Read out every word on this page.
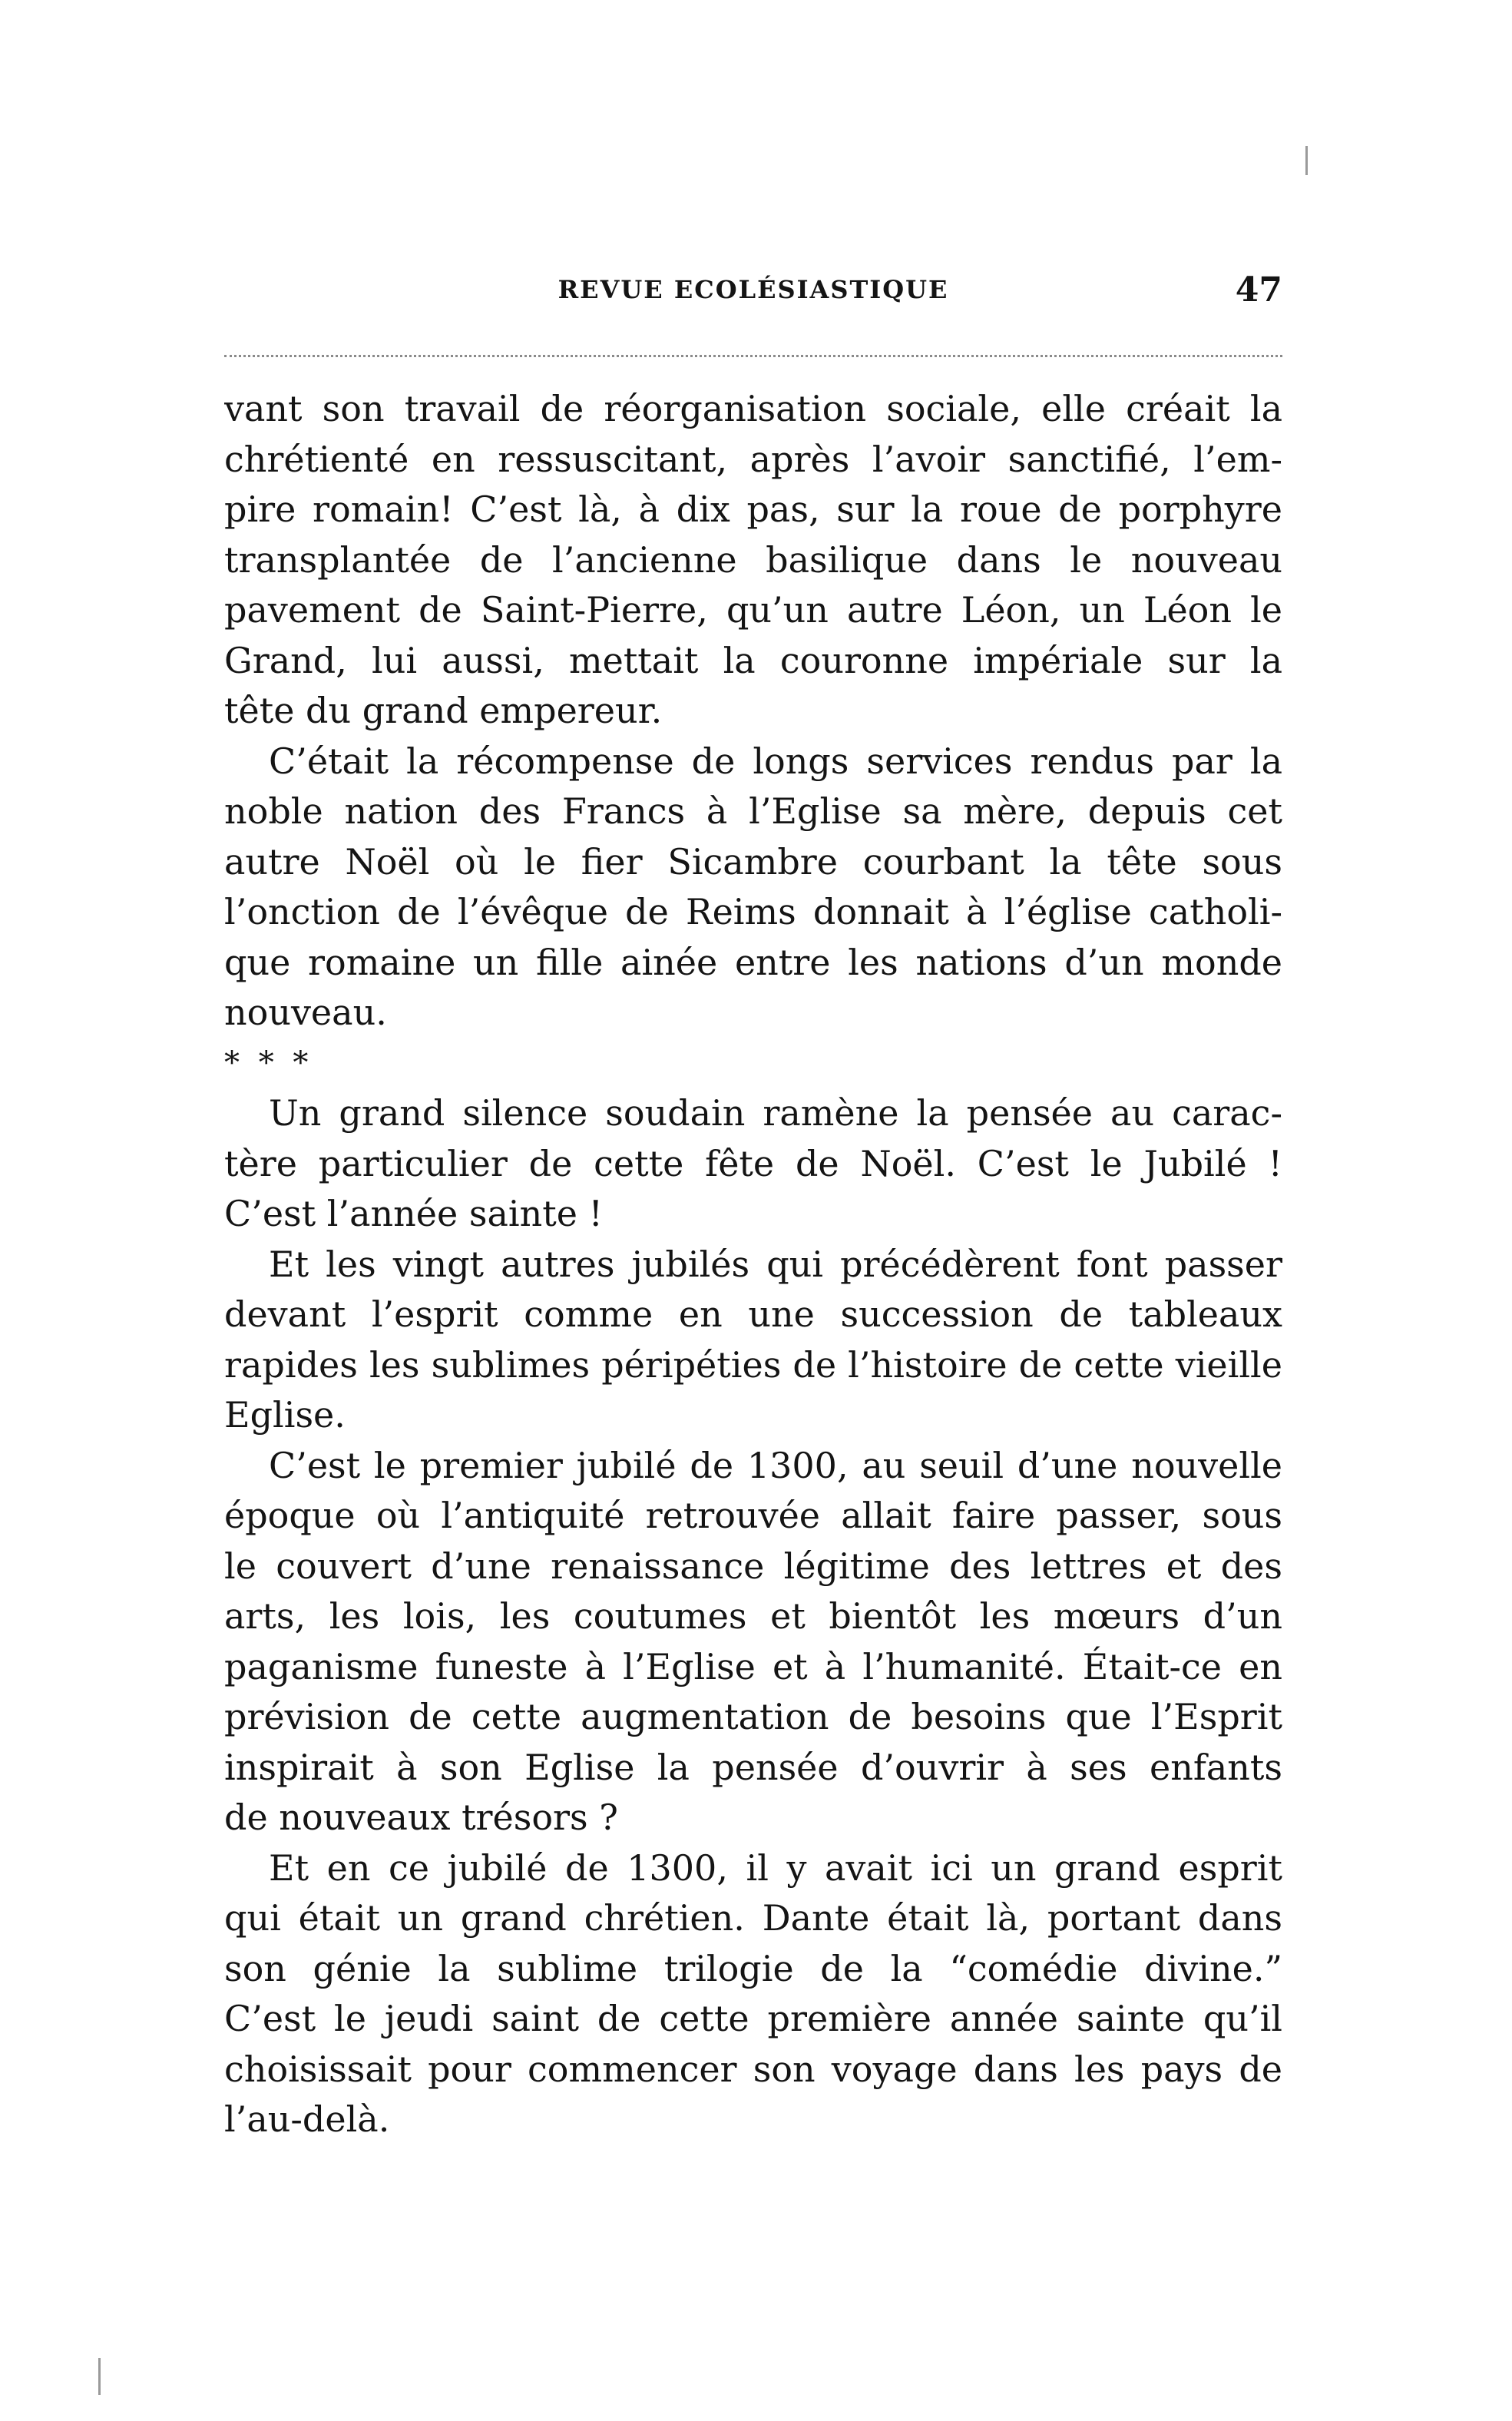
REVUE ECOLÉSIASTIQUE	47
vant son travail de réorganisation sociale, elle créait la
chrétienté en ressuscitant, après l’avoir sanctifié, l’em-
pire romain! C’est là, à dix pas, sur la roue de porphyre
transplantée de l’ancienne basilique dans le nouveau
pavement de Saint-Pierre, qu’un autre Léon, un Léon le
Grand, lui aussi, mettait la couronne impériale sur la
tête du grand empereur.
C’était la récompense de longs services rendus par la
noble nation des Francs à l’Eglise sa mère, depuis cet
autre Noël où le fier Sicambre courbant la tête sous
l’onction de l’évêque de Reims donnait à l’église catholi-
que romaine un fille ainée entre les nations d’un monde
nouveau.
* * *
Un grand silence soudain ramène la pensée au carac-
tère particulier de cette fête de Noël. C’est le Jubilé !
C’est l’année sainte !
Et les vingt autres jubilés qui précédèrent font passer
devant l’esprit comme en une succession de tableaux
rapides les sublimes péripéties de l’histoire de cette vieille
Eglise.
C’est le premier jubilé de 1300, au seuil d’une nouvelle
époque où l’antiquité retrouvée allait faire passer, sous
le couvert d’une renaissance légitime des lettres et des
arts, les lois, les coutumes et bientôt les mœurs d’un
paganisme funeste à l’Eglise et à l’humanité. Était-ce en
prévision de cette augmentation de besoins que l’Esprit
inspirait à son Eglise la pensée d’ouvrir à ses enfants
de nouveaux trésors ?
Et en ce jubilé de 1300, il y avait ici un grand esprit
qui était un grand chrétien. Dante était là, portant dans
son génie la sublime trilogie de la “comédie divine.”
C’est le jeudi saint de cette première année sainte qu’il
choisissait pour commencer son voyage dans les pays de
l’au-delà.
